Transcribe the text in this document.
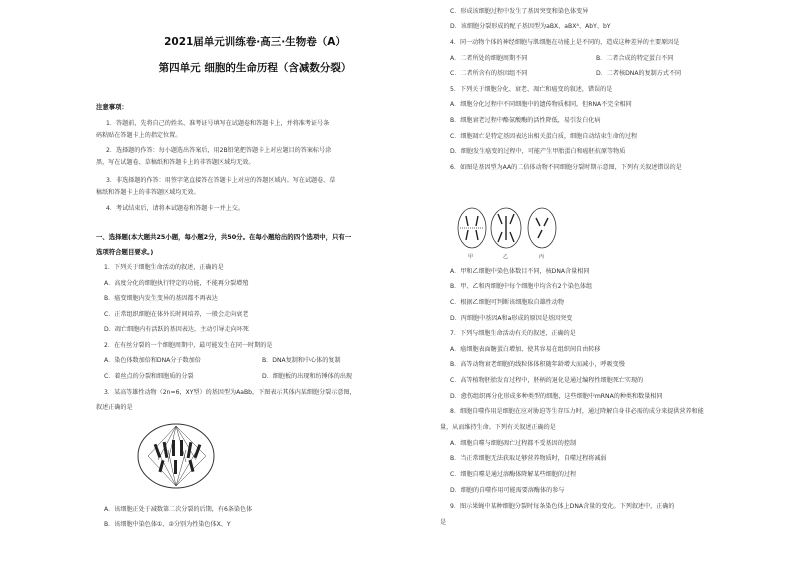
2021届单元训练卷·高三·生物卷（A）
第四单元 细胞的生命历程（含减数分裂）
注意事项：
1．答题前，先将自己的姓名、准考证号填写在试题卷和答题卡上，并将准考证号条
码粘贴在答题卡上的指定位置。
2．选择题的作答：每小题选出答案后，用2B铅笔把答题卡上对应题目的答案标号涂
黑，写在试题卷、草稿纸和答题卡上的非答题区域均无效。
3．非选择题的作答：用签字笔直接答在答题卡上对应的答题区域内。写在试题卷、草
稿纸和答题卡上的非答题区域均无效。
4．考试结束后，请将本试题卷和答题卡一并上交。
一、选择题(本大题共25小题，每小题2分，共50分。在每小题给出的四个选项中，只有一
选项符合题目要求。)
1．下列关于细胞生命活动的叙述，正确的是
A．高度分化的细胞执行特定的功能，不能再分裂增殖
B．癌变细胞内发生变异的基因都不再表达
C．正常组织细胞在体外长时间培养，一般会走向衰老
D．凋亡细胞内有活跃的基因表达，主动引导走向坏死
2．在有丝分裂的一个细胞周期中，最可能发生在同一时期的是
A．染色体数加倍和DNA分子数加倍	B．DNA复制和中心体的复制
C．着丝点的分裂和细胞质的分裂	D．细胞板的出现和纺锤体的出现
3．某高等雄性动物（2n=6，XY型）的基因型为AaBb，下图表示其体内某细胞分裂示意图，
叙述正确的是
A．该细胞正处于减数第二次分裂的后期，有6条染色体
B．该细胞中染色体①、②分别为性染色体X、Y
C．形成该细胞过程中发生了基因突变和染色体变异
D．该细胞分裂形成的配子基因型为aBX、aBXᴬ、AbY、bY
4．同一动物个体的神经细胞与肌细胞在功能上是不同的，造成这种差异的主要原因是
A．二者所处的细胞周期不同	B．二者合成的特定蛋白不同
C．二者所含有的基因组不同	D．二者核DNA的复制方式不同
5．下列关于细胞分化、衰老、凋亡和癌变的叙述，错误的是
A．细胞分化过程中不同细胞中的遗传物质相同，但RNA不完全相同
B．细胞衰老过程中酪氨酸酶的活性降低，易引发白化病
C．细胞凋亡是特定基因表达出相关蛋白质，细胞自动结束生命的过程
D．细胞发生癌变的过程中，可能产生甲胎蛋白和癌胚抗原等物质
6．如图是基因型为AA的二倍体动物不同细胞分裂时期示意图，下列有关叙述错误的是
甲	乙	丙
A．甲和乙细胞中染色体数目不同，核DNA含量相同
B．甲、乙和丙细胞中每个细胞中均含有2个染色体组
C．根据乙细胞可判断该细胞取自雄性动物
D．丙细胞中基因A和a形成的原因是基因突变
7．下列与细胞生命活动有关的叙述，正确的是
A．癌细胞表面糖蛋白增加，使其容易在组织间自由转移
B．高等动物衰老细胞的线粒体体积随年龄增大而减小，呼吸变慢
C．高等植物胚胎发育过程中，胚柄的退化是通过编程性细胞死亡实现的
D．愈伤组织再分化形成多种类型的细胞，这些细胞中mRNA的种类和数量相同
8．细胞自噬作用是细胞在应对胁迫等生存压力时，通过降解自身非必需的成分来提供营养和能
量，从而维持生命。下列有关叙述正确的是
A．细胞自噬与细胞凋亡过程都不受基因的控制
B．当正常细胞无法获取足够营养物质时，自噬过程将减弱
C．细胞自噬是通过溶酶体降解某些细胞的过程
D．细胞的自噬作用可能需要溶酶体的参与
9．图示果蝇中某种细胞分裂时每条染色体上DNA含量的变化。下列叙述中，正确的
是
